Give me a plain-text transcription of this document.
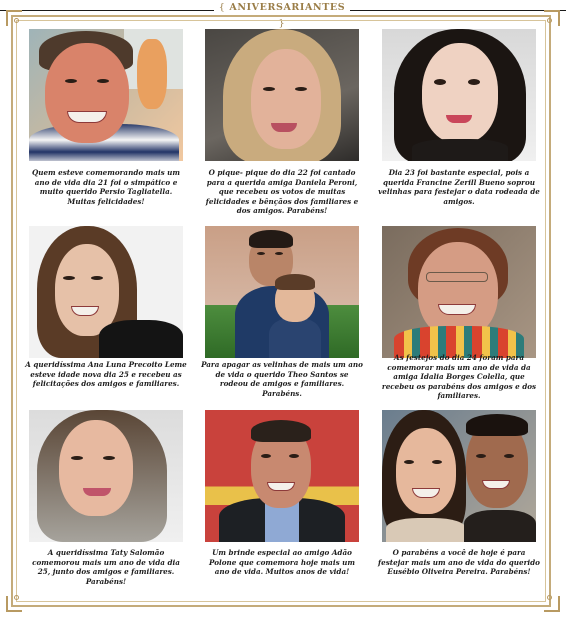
{ ANIVERSARIANTES }
Quem esteve comemorando mais um ano de vida dia 21 foi o simpático e muito querido Persio Tagliatella. Muitas felicidades!
O pique- pique do dia 22 foi cantado para a querida amiga Daniela Peroni, que recebeu os votos de muitas felicidades e bênçãos dos familiares e dos amigos. Parabéns!
Dia 23 foi bastante especial, pois a querida Francine Zerill Bueno soprou velinhas para festejar o data rodeada de amigos.
A queridíssima Ana Luna Precoito Leme esteve idade nova dia 25 e recebeu as felicitações dos amigos e familiares.
Para apagar as velinhas de mais um ano de vida o querido Theo Santos se rodeou de amigos e familiares. Parabéns.
As festejos do dia 24 foram para comemorar mais um ano de vida da amiga Idalia Borges Colella, que recebeu os parabéns dos amigos e dos familiares.
A queridíssima Taty Salomão comemorou mais um ano de vida dia 25, junto dos amigos e familiares. Parabéns!
Um brinde especial ao amigo Adão Polone que comemora hoje mais um ano de vida. Muitos anos de vida!
O parabéns a você de hoje é para festejar mais um ano de vida do querido Eusébio Oliveira Pereira. Parabéns!
